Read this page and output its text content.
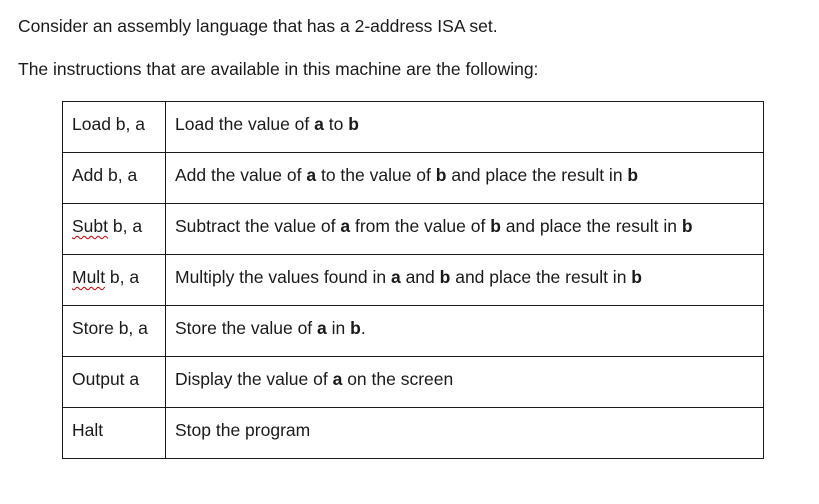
Consider an assembly language that has a 2-address ISA set.

The instructions that are available in this machine are the following:

Load b, a	Load the value of a to b
Add b, a	Add the value of a to the value of b and place the result in b
Subt b, a	Subtract the value of a from the value of b and place the result in b
Mult b, a	Multiply the values found in a and b and place the result in b
Store b, a	Store the value of a in b.
Output a	Display the value of a on the screen
Halt	Stop the program
